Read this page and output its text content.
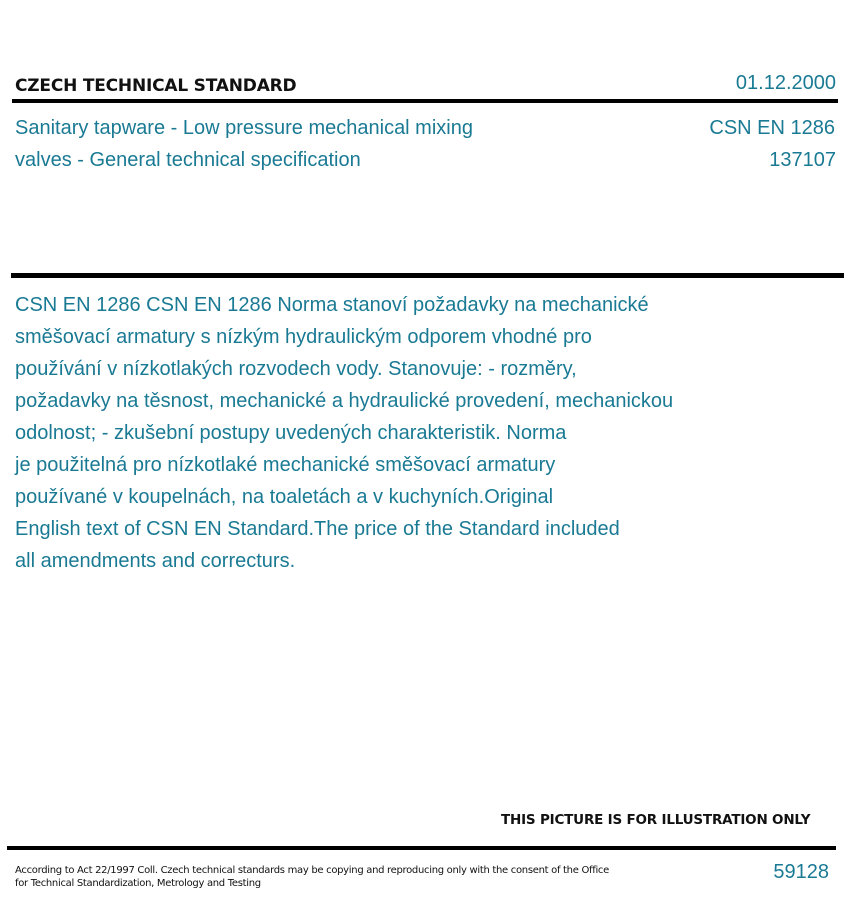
CZECH TECHNICAL STANDARD	01.12.2000
Sanitary tapware - Low pressure mechanical mixing
valves - General technical specification
CSN EN 1286
137107
CSN EN 1286 CSN EN 1286 Norma stanoví požadavky na mechanické
směšovací armatury s nízkým hydraulickým odporem vhodné pro
používání v nízkotlakých rozvodech vody. Stanovuje: - rozměry,
požadavky na těsnost, mechanické a hydraulické provedení, mechanickou
odolnost; - zkušební postupy uvedených charakteristik. Norma
je použitelná pro nízkotlaké mechanické směšovací armatury
používané v koupelnách, na toaletách a v kuchyních.Original
English text of CSN EN Standard.The price of the Standard included
all amendments and correcturs.
THIS PICTURE IS FOR ILLUSTRATION ONLY
According to Act 22/1997 Coll. Czech technical standards may be copying and reproducing only with the consent of the Office
for Technical Standardization, Metrology and Testing
59128
